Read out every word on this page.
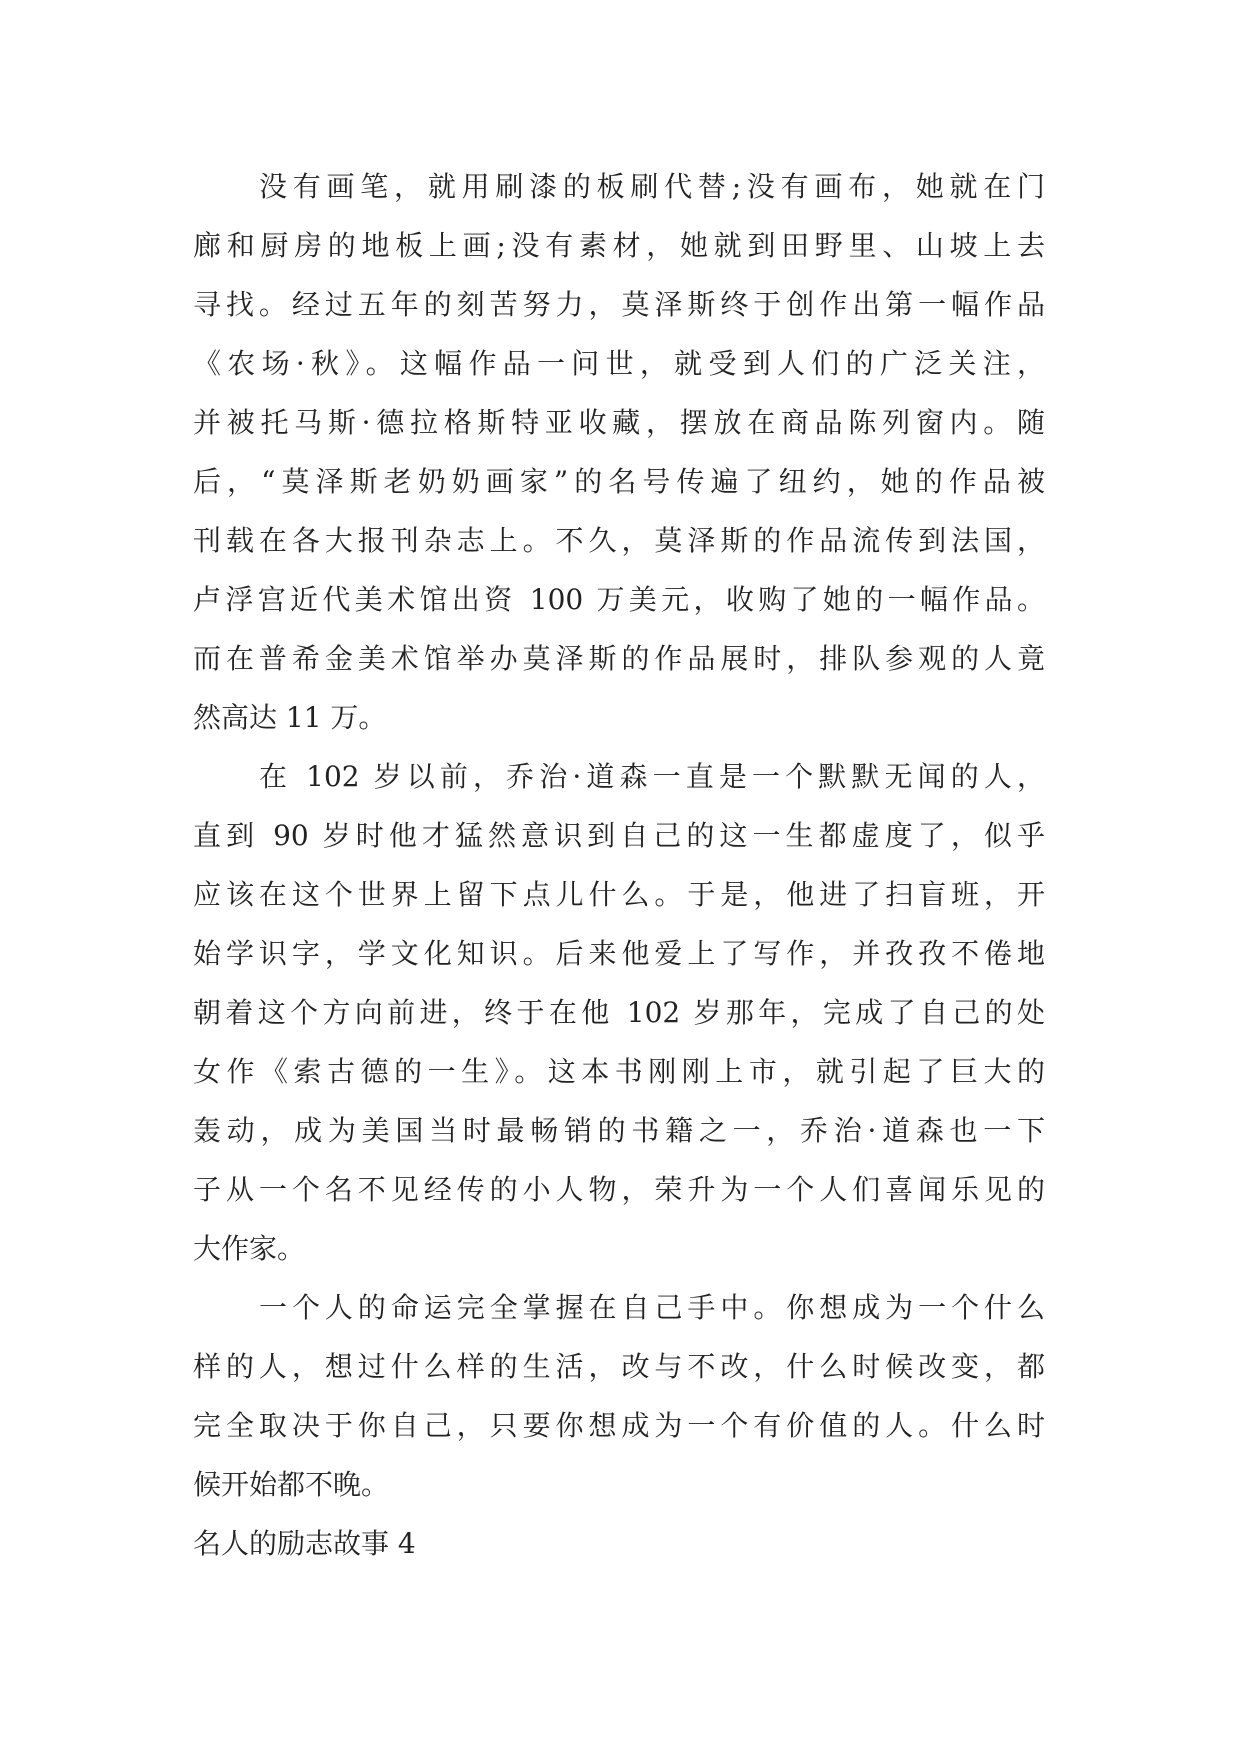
没有画笔，就用刷漆的板刷代替;没有画布，她就在门
廊和厨房的地板上画;没有素材，她就到田野里、山坡上去
寻找。经过五年的刻苦努力，莫泽斯终于创作出第一幅作品
《农场·秋》。这幅作品一问世，就受到人们的广泛关注，
并被托马斯·德拉格斯特亚收藏，摆放在商品陈列窗内。随
后，“莫泽斯老奶奶画家”的名号传遍了纽约，她的作品被
刊载在各大报刊杂志上。不久，莫泽斯的作品流传到法国，
卢浮宫近代美术馆出资 100 万美元，收购了她的一幅作品。
而在普希金美术馆举办莫泽斯的作品展时，排队参观的人竟
然高达 11 万。
在 102 岁以前，乔治·道森一直是一个默默无闻的人，
直到 90 岁时他才猛然意识到自己的这一生都虚度了，似乎
应该在这个世界上留下点儿什么。于是，他进了扫盲班，开
始学识字，学文化知识。后来他爱上了写作，并孜孜不倦地
朝着这个方向前进，终于在他 102 岁那年，完成了自己的处
女作《索古德的一生》。这本书刚刚上市，就引起了巨大的
轰动，成为美国当时最畅销的书籍之一，乔治·道森也一下
子从一个名不见经传的小人物，荣升为一个人们喜闻乐见的
大作家。
一个人的命运完全掌握在自己手中。你想成为一个什么
样的人，想过什么样的生活，改与不改，什么时候改变，都
完全取决于你自己，只要你想成为一个有价值的人。什么时
候开始都不晚。
名人的励志故事 4
